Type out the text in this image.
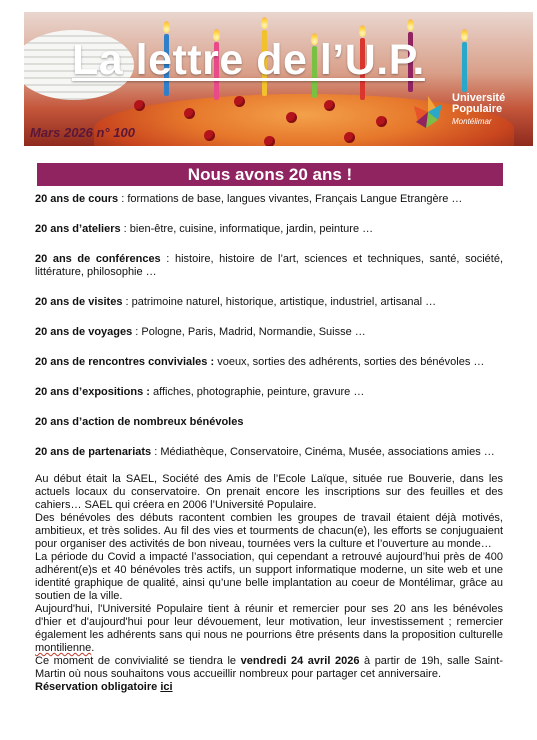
La lettre de l’U.P.
Mars 2026 n° 100
Université
Populaire
Montélimar
Nous avons 20 ans !

20 ans de cours : formations de base, langues vivantes, Français Langue Etrangère …

20 ans d’ateliers : bien-être, cuisine, informatique, jardin, peinture …

20 ans de conférences : histoire, histoire de l’art, sciences et techniques, santé, société, littérature, philosophie …

20 ans de visites : patrimoine naturel, historique, artistique, industriel, artisanal …

20 ans de voyages : Pologne, Paris, Madrid, Normandie, Suisse …

20 ans de rencontres conviviales : voeux, sorties des adhérents, sorties des bénévoles …

20 ans d’expositions : affiches, photographie, peinture, gravure …

20 ans d’action de nombreux bénévoles

20 ans de partenariats : Médiathèque, Conservatoire, Cinéma, Musée, associations amies …

Au début était la SAEL, Société des Amis de l’Ecole Laïque, située rue Bouverie, dans les actuels locaux du conservatoire. On prenait encore les inscriptions sur des feuilles et des cahiers… SAEL qui créera en 2006 l’Université Populaire.

Des bénévoles des débuts racontent combien les groupes de travail étaient déjà motivés, ambitieux, et très solides. Au fil des vies et tourments de chacun(e), les efforts se conjuguaient pour organiser des activités de bon niveau, tournées vers la culture et l’ouverture au monde…

La période du Covid a impacté l’association, qui cependant a retrouvé aujourd’hui près de 400 adhérent(e)s et 40 bénévoles très actifs, un support informatique moderne, un site web et une identité graphique de qualité, ainsi qu’une belle implantation au coeur de Montélimar, grâce au soutien de la ville.

Aujourd'hui, l'Université Populaire tient à réunir et remercier pour ses 20 ans les bénévoles d'hier et d'aujourd'hui pour leur dévouement, leur motivation, leur investissement ; remercier également les adhérents sans qui nous ne pourrions être présents dans la proposition culturelle montilienne.

Ce moment de convivialité se tiendra le vendredi 24 avril 2026 à partir de 19h, salle Saint-Martin où nous souhaitons vous accueillir nombreux pour partager cet anniversaire.

Réservation obligatoire ici
